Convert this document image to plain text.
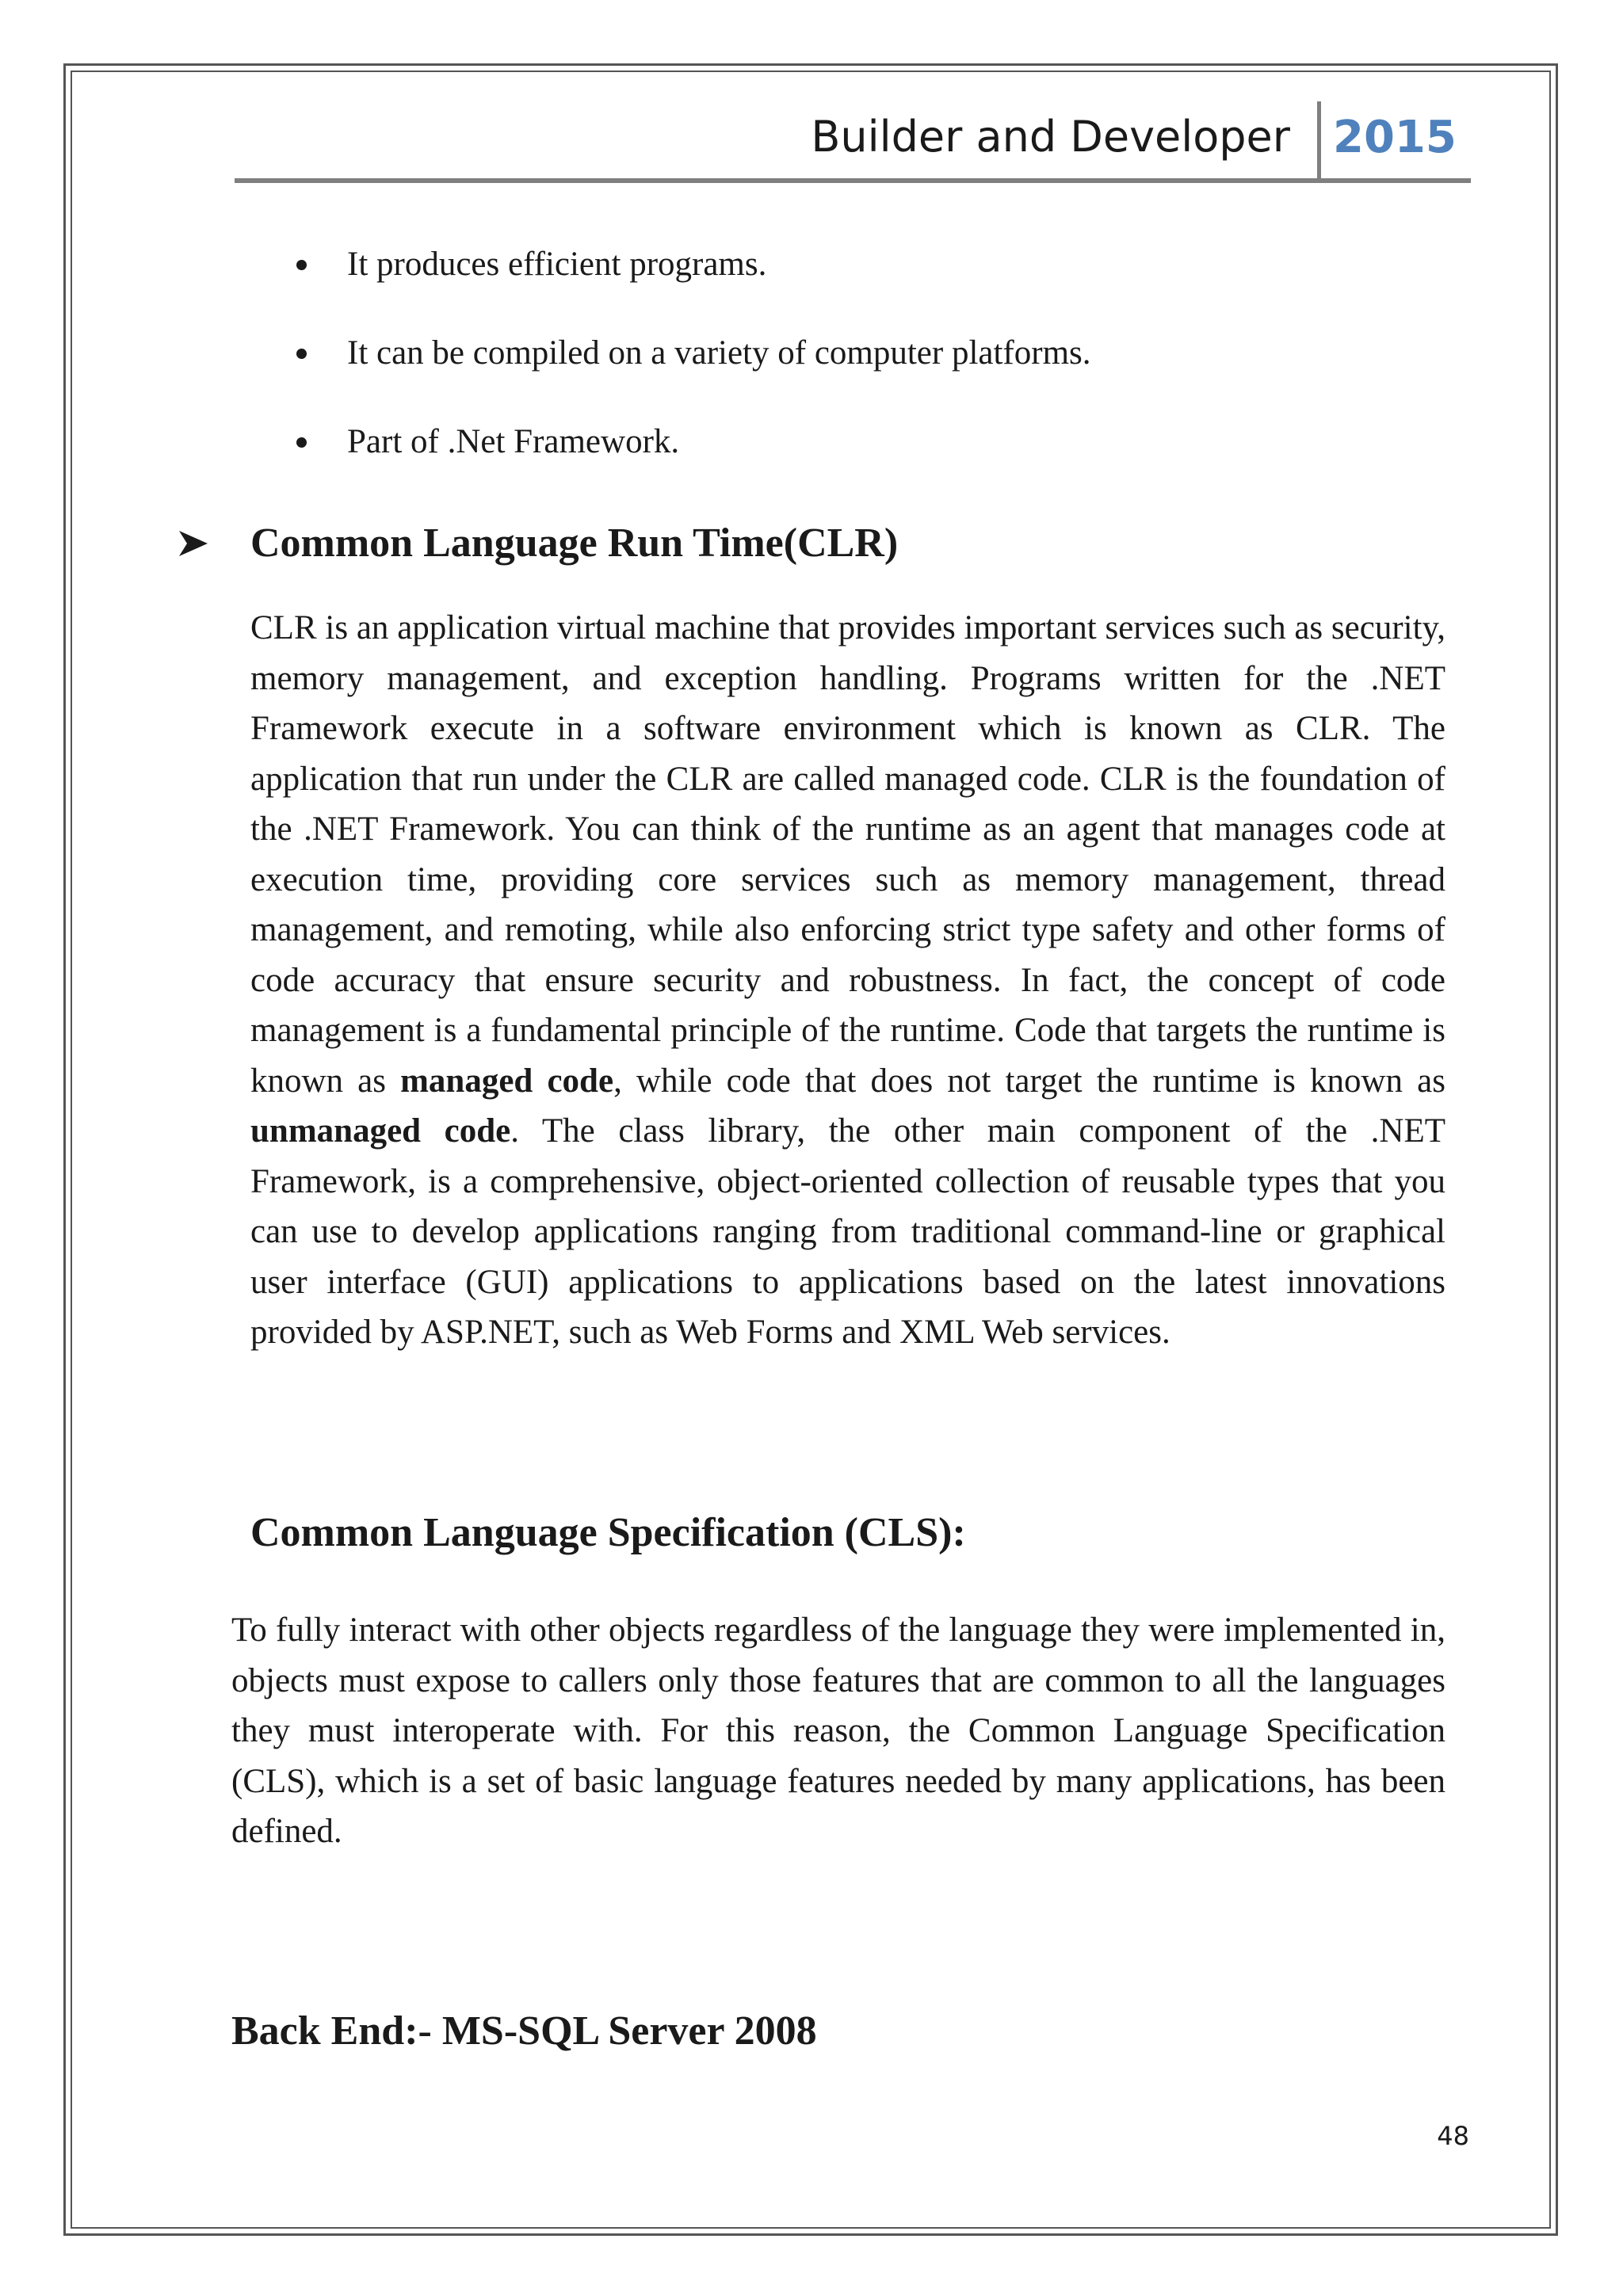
Builder and Developer 2015
It produces efficient programs.
It can be compiled on a variety of computer platforms.
Part of .Net Framework.
Common Language Run Time(CLR)

CLR is an application virtual machine that provides important services such as security, memory management, and exception handling. Programs written for the .NET Framework execute in a software environment which is known as CLR. The application that run under the CLR are called managed code. CLR is the foundation of the .NET Framework. You can think of the runtime as an agent that manages code at execution time, providing core services such as memory management, thread management, and remoting, while also enforcing strict type safety and other forms of code accuracy that ensure security and robustness. In fact, the concept of code management is a fundamental principle of the runtime. Code that targets the runtime is known as managed code, while code that does not target the runtime is known as unmanaged code. The class library, the other main component of the .NET Framework, is a comprehensive, object-oriented collection of reusable types that you can use to develop applications ranging from traditional command-line or graphical user interface (GUI) applications to applications based on the latest innovations provided by ASP.NET, such as Web Forms and XML Web services.

Common Language Specification (CLS):

To fully interact with other objects regardless of the language they were implemented in, objects must expose to callers only those features that are common to all the languages they must interoperate with. For this reason, the Common Language Specification (CLS), which is a set of basic language features needed by many applications, has been defined.

Back End:- MS-SQL Server 2008
48
